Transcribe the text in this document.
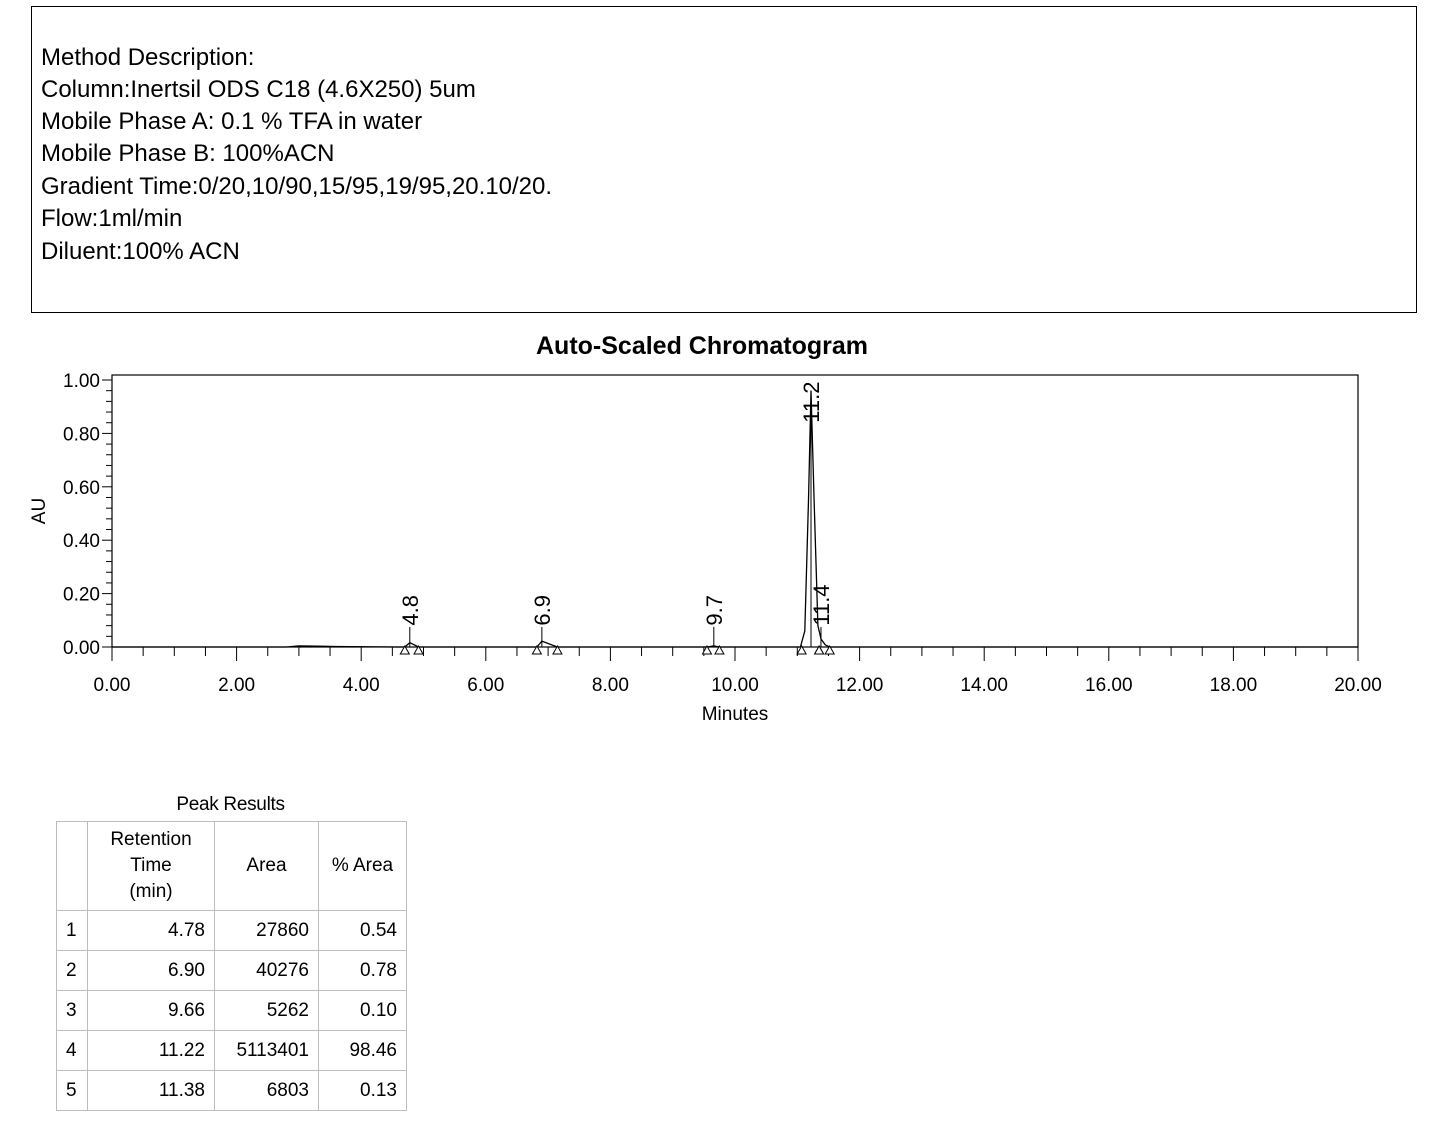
Method Description:
Column:Inertsil ODS C18 (4.6X250) 5um
Mobile Phase A: 0.1 % TFA in water
Mobile Phase B: 100%ACN
Gradient Time:0/20,10/90,15/95,19/95,20.10/20.
Flow:1ml/min
Diluent:100% ACN
Auto-Scaled Chromatogram
0.00
0.20
0.40
0.60
0.80
1.00
0.00	2.00	4.00	6.00	8.00	10.00	12.00	14.00	16.00	18.00	20.00
Minutes
AU
4.8	6.9	9.7
11.2
11.4
Peak Results

	Retention
Time
(min)	Area	% Area
1	4.78	27860	0.54
2	6.90	40276	0.78
3	9.66	5262	0.10
4	11.22	5113401	98.46
5	11.38	6803	0.13
